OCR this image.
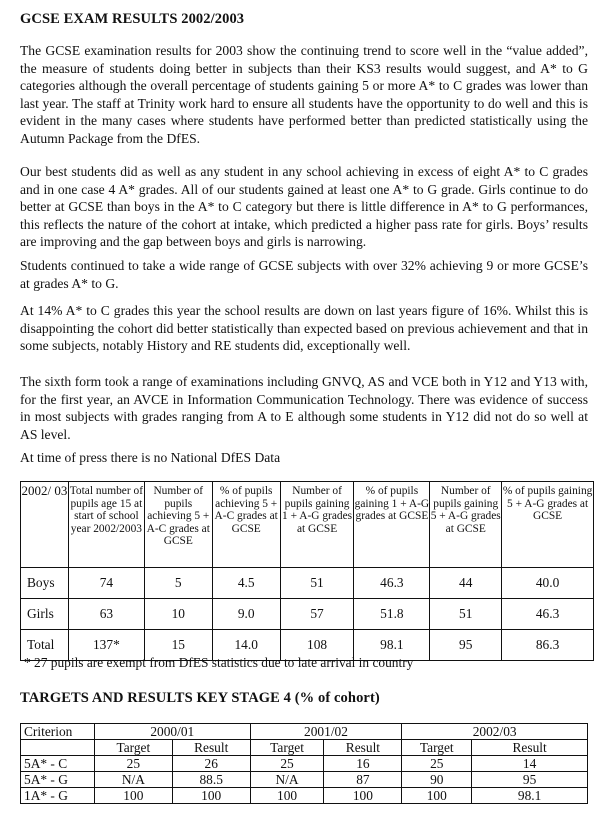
GCSE EXAM RESULTS 2002/2003

The GCSE examination results for 2003 show the continuing trend to score well in the “value added”, the measure of students doing better in subjects than their KS3 results would suggest, and A* to G categories although the overall percentage of students gaining 5 or more A* to C grades was lower than last year. The staff at Trinity work hard to ensure all students have the opportunity to do well and this is evident in the many cases where students have performed better than predicted statistically using the Autumn Package from the DfES.

Our best students did as well as any student in any school achieving in excess of eight A* to C grades and in one case 4 A* grades. All of our students gained at least one A* to G grade. Girls continue to do better at GCSE than boys in the A* to C category but there is little difference in A* to G performances, this reflects the nature of the cohort at intake, which predicted a higher pass rate for girls. Boys’ results are improving and the gap between boys and girls is narrowing.

Students continued to take a wide range of GCSE subjects with over 32% achieving 9 or more GCSE’s at grades A* to G.

At 14% A* to C grades this year the school results are down on last years figure of 16%. Whilst this is disappointing the cohort did better statistically than expected based on previous achievement and that in some subjects, notably History and RE students did, exceptionally well.

The sixth form took a range of examinations including GNVQ, AS and VCE both in Y12 and Y13 with, for the first year, an AVCE in Information Communication Technology. There was evidence of success in most subjects with grades ranging from A to E although some students in Y12 did not do so well at AS level.

At time of press there is no National DfES Data

2002/ 03	Total number of pupils age 15 at start of school year 2002/2003	Number of pupils achieving 5 + A-C grades at GCSE	% of pupils achieving 5 + A-C grades at GCSE	Number of pupils gaining 1 + A-G grades at GCSE	% of pupils gaining 1 + A-G grades at GCSE	Number of pupils gaining 5 + A-G grades at GCSE	% of pupils gaining 5 + A-G grades at GCSE
Boys	74	5	4.5	51	46.3	44	40.0
Girls	63	10	9.0	57	51.8	51	46.3
Total	137*	15	14.0	108	98.1	95	86.3
* 27 pupils are exempt from DfES statistics due to late arrival in country
TARGETS AND RESULTS KEY STAGE 4 (% of cohort)
Criterion	2000/01		2001/02		2002/03	
	Target	Result	Target	Result	Target	Result
5A* - C	25	26	25	16	25	14
5A* - G	N/A	88.5	N/A	87	90	95
1A* - G	100	100	100	100	100	98.1
